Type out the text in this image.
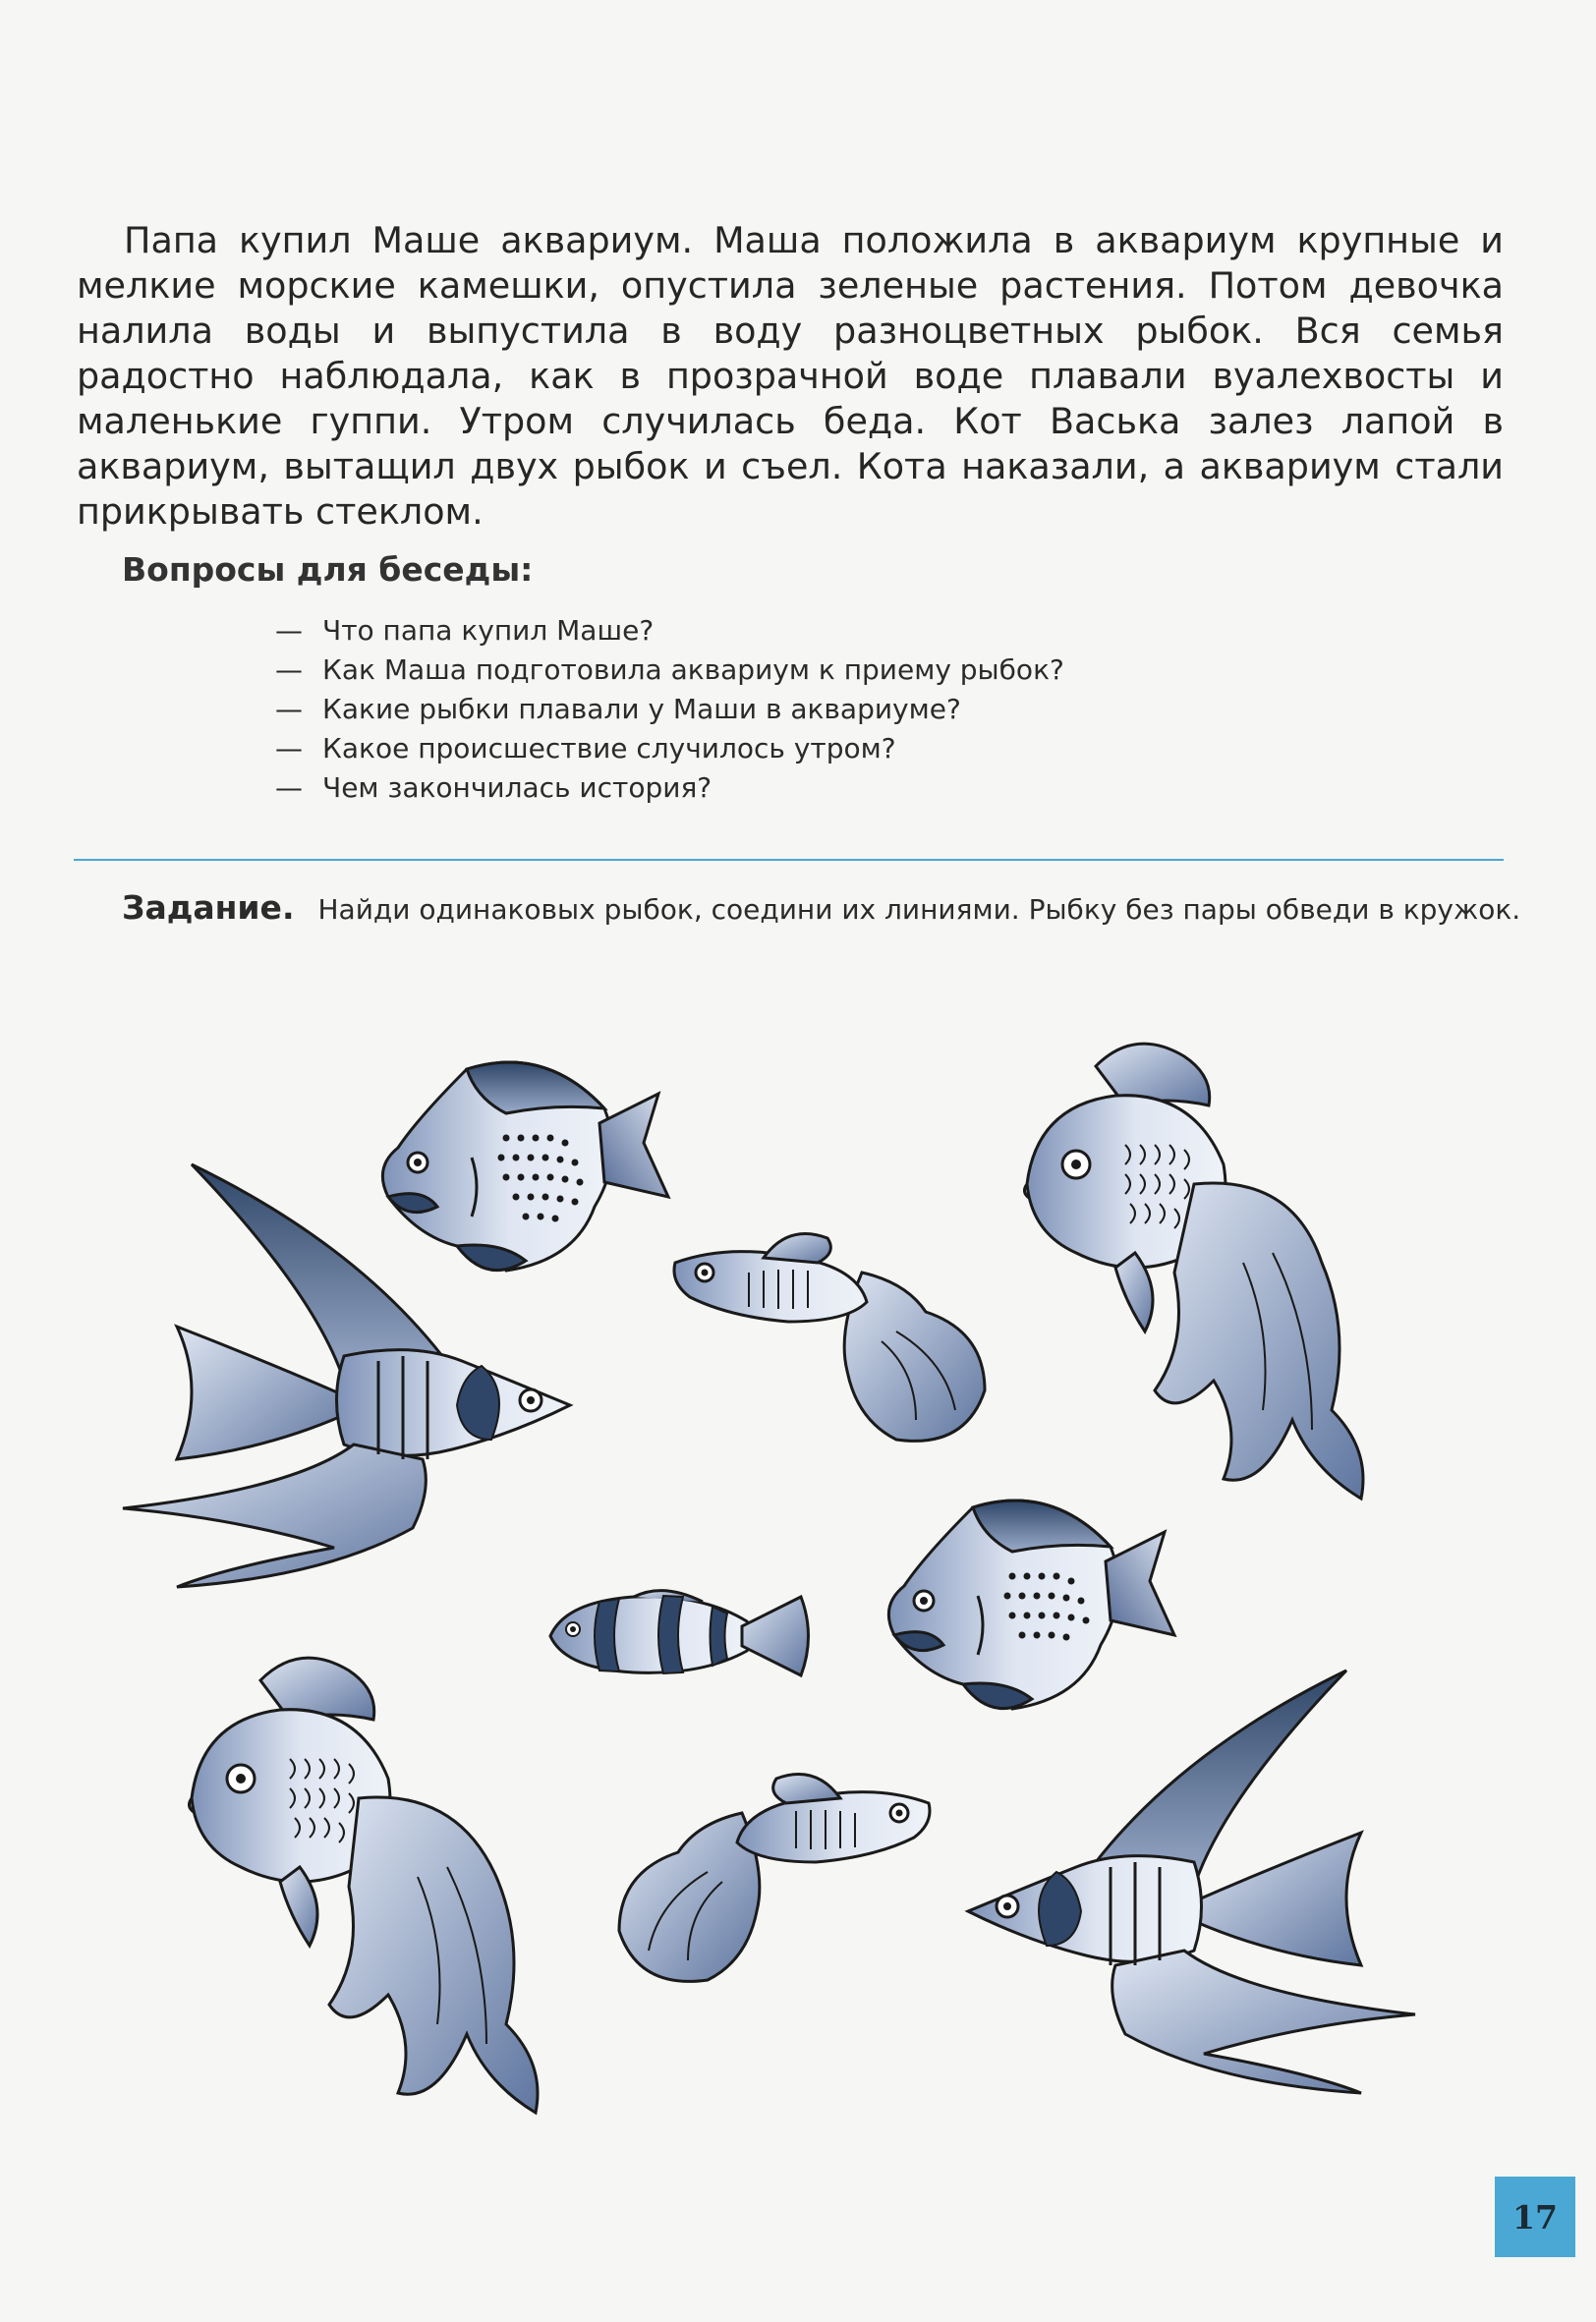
Папа купил Маше аквариум. Маша положила в аквариум крупные и мелкие морские камешки, опустила зеленые растения. Потом девочка налила воды и выпустила в воду разноцветных рыбок. Вся семья радостно наблюдала, как в прозрачной воде плавали вуалехвосты и маленькие гуппи. Утром случилась беда. Кот Васька залез лапой в аквариум, вытащил двух рыбок и съел. Кота наказали, а аквариум стали прикрывать стеклом.

Вопросы для беседы:
— Что папа купил Маше?
— Как Маша подготовила аквариум к приему рыбок?
— Какие рыбки плавали у Маши в аквариуме?
— Какое происшествие случилось утром?
— Чем закончилась история?
Задание. Найди одинаковых рыбок, соедини их линиями. Рыбку без пары обведи в кружок.
17
